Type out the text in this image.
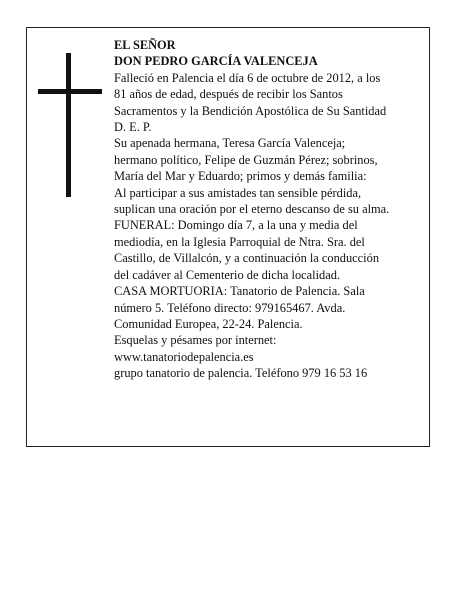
EL SEÑOR
DON PEDRO GARCÍA VALENCEJA
Falleció en Palencia el día 6 de octubre de 2012, a los
81 años de edad, después de recibir los Santos
Sacramentos y la Bendición Apostólica de Su Santidad
D. E. P.
Su apenada hermana, Teresa García Valenceja;
hermano político, Felipe de Guzmán Pérez; sobrinos,
María del Mar y Eduardo; primos y demás familia:
Al participar a sus amistades tan sensible pérdida,
suplican una oración por el eterno descanso de su alma.
FUNERAL: Domingo día 7, a la una y media del
mediodía, en la Iglesia Parroquial de Ntra. Sra. del
Castillo, de Villalcón, y a continuación la conducción
del cadáver al Cementerio de dicha localidad.
CASA MORTUORIA: Tanatorio de Palencia. Sala
número 5. Teléfono directo: 979165467. Avda.
Comunidad Europea, 22-24. Palencia.
Esquelas y pésames por internet:
www.tanatoriodepalencia.es
grupo tanatorio de palencia. Teléfono 979 16 53 16
